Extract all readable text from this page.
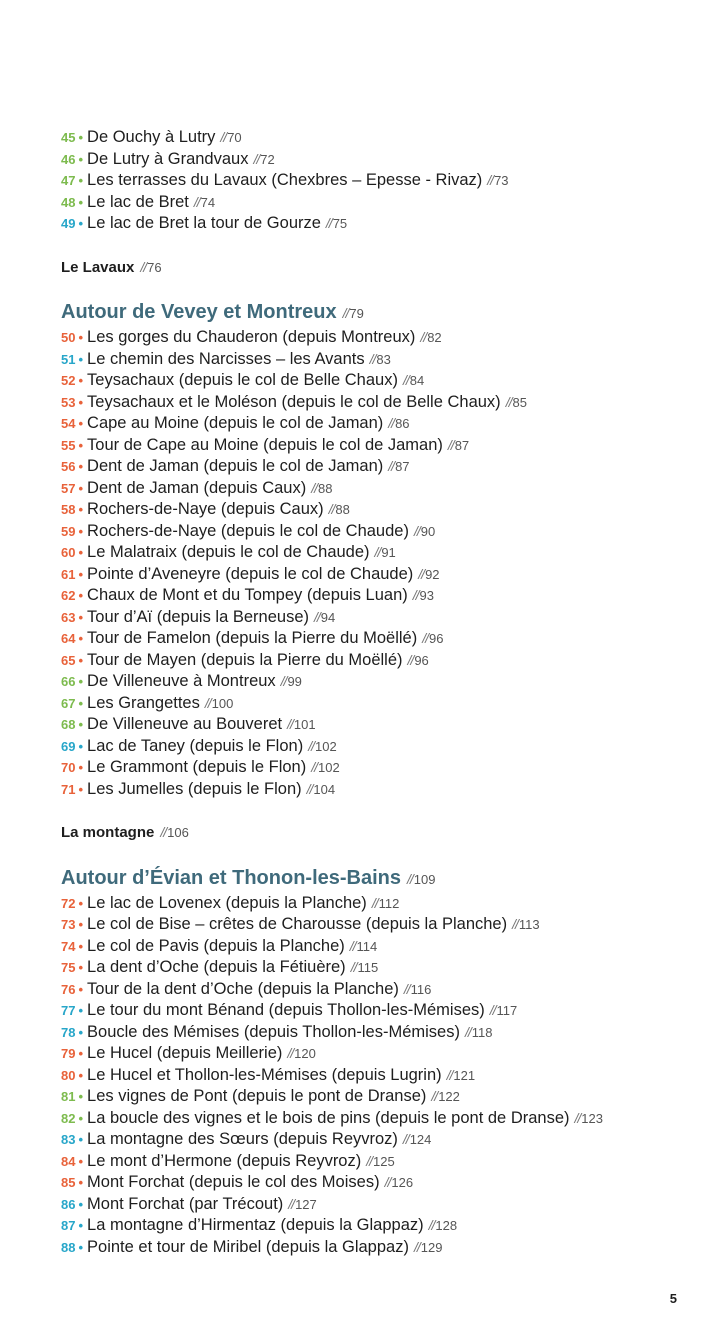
45 • De Ouchy à Lutry //70
46 • De Lutry à Grandvaux //72
47 • Les terrasses du Lavaux (Chexbres – Epesse - Rivaz) //73
48 • Le lac de Bret //74
49 • Le lac de Bret la tour de Gourze //75
Le Lavaux //76
Autour de Vevey et Montreux //79
50 • Les gorges du Chauderon (depuis Montreux) //82
51 • Le chemin des Narcisses – les Avants //83
52 • Teysachaux (depuis le col de Belle Chaux) //84
53 • Teysachaux et le Moléson (depuis le col de Belle Chaux) //85
54 • Cape au Moine (depuis le col de Jaman) //86
55 • Tour de Cape au Moine (depuis le col de Jaman) //87
56 • Dent de Jaman (depuis le col de Jaman) //87
57 • Dent de Jaman (depuis Caux) //88
58 • Rochers-de-Naye (depuis Caux) //88
59 • Rochers-de-Naye (depuis le col de Chaude) //90
60 • Le Malatraix (depuis le col de Chaude) //91
61 • Pointe d’Aveneyre (depuis le col de Chaude) //92
62 • Chaux de Mont et du Tompey (depuis Luan) //93
63 • Tour d’Aï (depuis la Berneuse) //94
64 • Tour de Famelon (depuis la Pierre du Moëllé) //96
65 • Tour de Mayen (depuis la Pierre du Moëllé) //96
66 • De Villeneuve à Montreux //99
67 • Les Grangettes //100
68 • De Villeneuve au Bouveret //101
69 • Lac de Taney (depuis le Flon) //102
70 • Le Grammont (depuis le Flon) //102
71 • Les Jumelles (depuis le Flon) //104
La montagne //106
Autour d’Évian et Thonon-les-Bains //109
72 • Le lac de Lovenex (depuis la Planche) //112
73 • Le col de Bise – crêtes de Charousse (depuis la Planche) //113
74 • Le col de Pavis (depuis la Planche) //114
75 • La dent d’Oche (depuis la Fétiuère) //115
76 • Tour de la dent d’Oche (depuis la Planche) //116
77 • Le tour du mont Bénand (depuis Thollon-les-Mémises) //117
78 • Boucle des Mémises (depuis Thollon-les-Mémises) //118
79 • Le Hucel (depuis Meillerie) //120
80 • Le Hucel et Thollon-les-Mémises (depuis Lugrin) //121
81 • Les vignes de Pont (depuis le pont de Dranse) //122
82 • La boucle des vignes et le bois de pins (depuis le pont de Dranse) //123
83 • La montagne des Sœurs (depuis Reyvroz) //124
84 • Le mont d’Hermone (depuis Reyvroz) //125
85 • Mont Forchat (depuis le col des Moises) //126
86 • Mont Forchat (par Trécout) //127
87 • La montagne d’Hirmentaz (depuis la Glappaz) //128
88 • Pointe et tour de Miribel (depuis la Glappaz) //129
5
